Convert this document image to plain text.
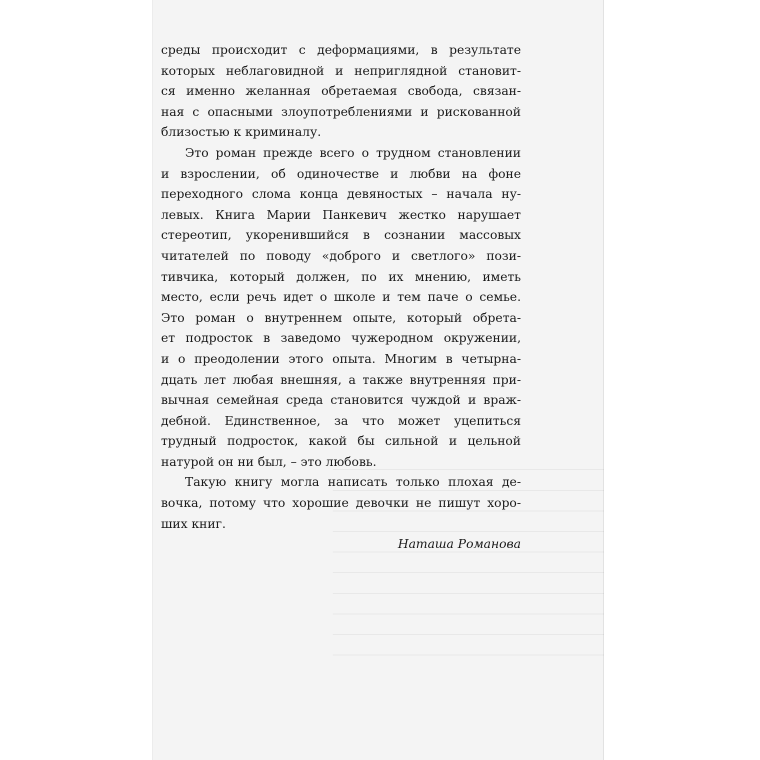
среды происходит с деформациями, в результате
которых неблаговидной и неприглядной становит-
ся именно желанная обретаемая свобода, связан-
ная с опасными злоупотреблениями и рискованной
близостью к криминалу.
Это роман прежде всего о трудном становлении
и взрослении, об одиночестве и любви на фоне
переходного слома конца девяностых – начала ну-
левых. Книга Марии Панкевич жестко нарушает
стереотип, укоренившийся в сознании массовых
читателей по поводу «доброго и светлого» пози-
тивчика, который должен, по их мнению, иметь
место, если речь идет о школе и тем паче о семье.
Это роман о внутреннем опыте, который обрета-
ет подросток в заведомо чужеродном окружении,
и о преодолении этого опыта. Многим в четырна-
дцать лет любая внешняя, а также внутренняя при-
вычная семейная среда становится чуждой и враж-
дебной. Единственное, за что может уцепиться
трудный подросток, какой бы сильной и цельной
натурой он ни был, – это любовь.
Такую книгу могла написать только плохая де-
вочка, потому что хорошие девочки не пишут хоро-
ших книг.
Наташа Романова
